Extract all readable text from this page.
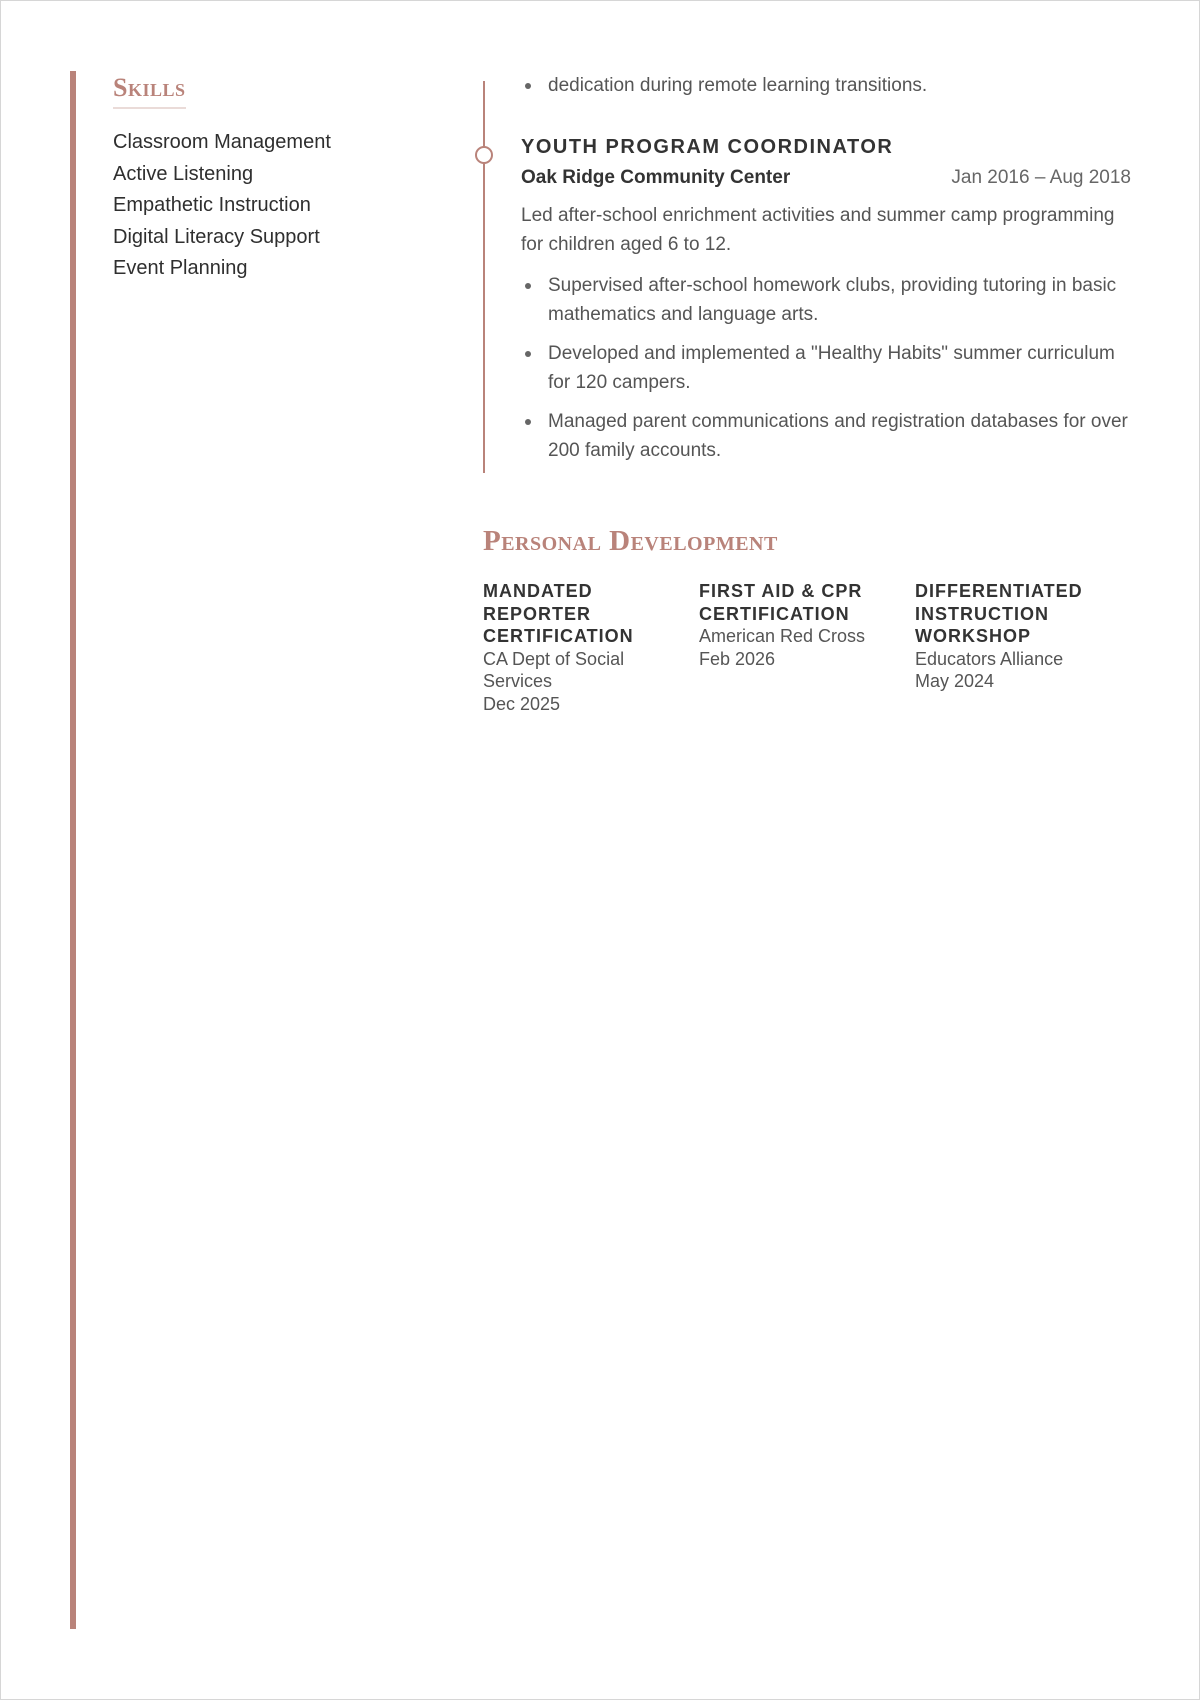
Skills
Classroom Management
Active Listening
Empathetic Instruction
Digital Literacy Support
Event Planning
dedication during remote learning transitions.
YOUTH PROGRAM COORDINATOR
Oak Ridge Community Center	Jan 2016 – Aug 2018

Led after-school enrichment activities and summer camp programming for children aged 6 to 12.

Supervised after-school homework clubs, providing tutoring in basic mathematics and language arts.
Developed and implemented a "Healthy Habits" summer curriculum for 120 campers.
Managed parent communications and registration databases for over 200 family accounts.
Personal Development
MANDATED REPORTER CERTIFICATION
CA Dept of Social Services
Dec 2025
FIRST AID & CPR CERTIFICATION
American Red Cross
Feb 2026
DIFFERENTIATED INSTRUCTION WORKSHOP
Educators Alliance
May 2024
